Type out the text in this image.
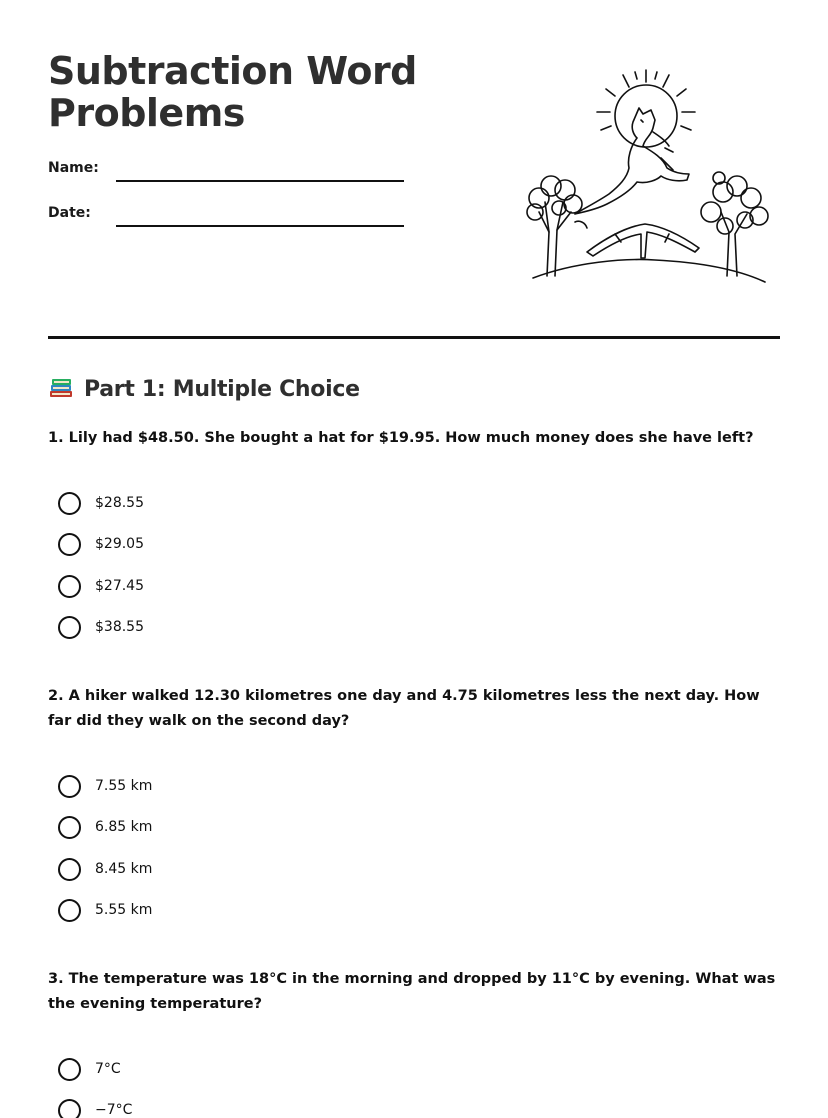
Subtraction Word Problems
Name:
Date:
Part 1: Multiple Choice
1. Lily had $48.50. She bought a hat for $19.95. How much money does she have left?
$28.55
$29.05
$27.45
$38.55
2. A hiker walked 12.30 kilometres one day and 4.75 kilometres less the next day. How far did they walk on the second day?
7.55 km
6.85 km
8.45 km
5.55 km
3. The temperature was 18°C in the morning and dropped by 11°C by evening. What was the evening temperature?
7°C
−7°C
